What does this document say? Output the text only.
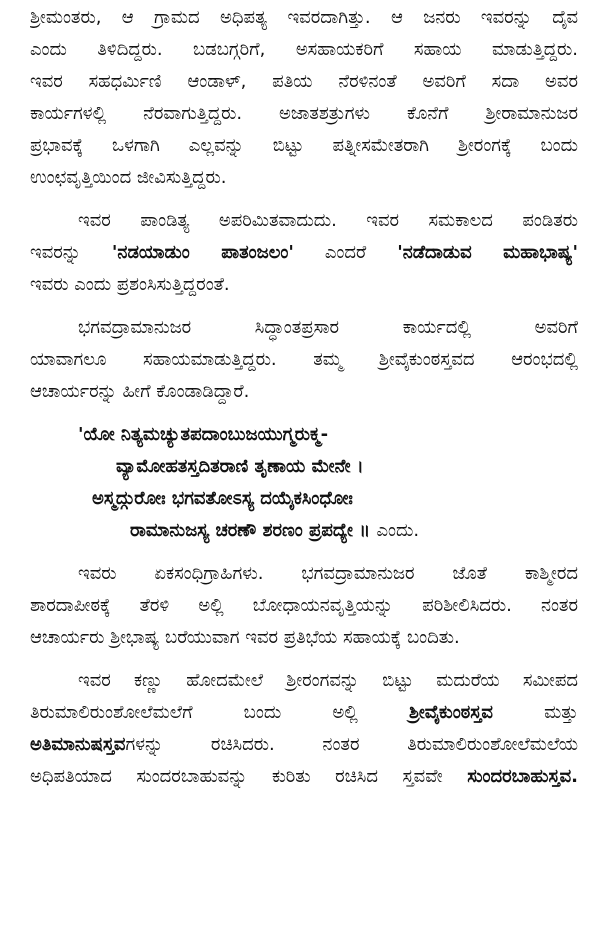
ಶ್ರೀಮಂತರು, ಆ ಗ್ರಾಮದ ಅಧಿಪತ್ಯ ಇವರದಾಗಿತ್ತು. ಆ ಜನರು ಇವರನ್ನು ದೈವ
ಎಂದು ತಿಳಿದಿದ್ದರು. ಬಡಬಗ್ಗರಿಗೆ, ಅಸಹಾಯಕರಿಗೆ ಸಹಾಯ ಮಾಡುತ್ತಿದ್ದರು.
ಇವರ ಸಹಧರ್ಮಿಣಿ ಆಂಡಾಳ್, ಪತಿಯ ನೆರಳಿನಂತೆ ಅವರಿಗೆ ಸದಾ ಅವರ
ಕಾರ್ಯಗಳಲ್ಲಿ ನೆರವಾಗುತ್ತಿದ್ದರು. ಅಜಾತಶತ್ರುಗಳು ಕೊನೆಗೆ ಶ್ರೀರಾಮಾನುಜರ
ಪ್ರಭಾವಕ್ಕೆ ಒಳಗಾಗಿ ಎಲ್ಲವನ್ನು ಬಿಟ್ಟು ಪತ್ನೀಸಮೇತರಾಗಿ ಶ್ರೀರಂಗಕ್ಕೆ ಬಂದು
ಉಂಛವೃತ್ತಿಯಿಂದ ಜೀವಿಸುತ್ತಿದ್ದರು.
ಇವರ ಪಾಂಡಿತ್ಯ ಅಪರಿಮಿತವಾದುದು. ಇವರ ಸಮಕಾಲದ ಪಂಡಿತರು
ಇವರನ್ನು 'ನಡಯಾಡುಂ ಪಾತಂಜಲಂ' ಎಂದರೆ 'ನಡೆದಾಡುವ ಮಹಾಭಾಷ್ಯ'
ಇವರು ಎಂದು ಪ್ರಶಂಸಿಸುತ್ತಿದ್ದರಂತೆ.
ಭಗವದ್ರಾಮಾನುಜರ ಸಿದ್ಧಾಂತಪ್ರಸಾರ ಕಾರ್ಯದಲ್ಲಿ ಅವರಿಗೆ
ಯಾವಾಗಲೂ ಸಹಾಯಮಾಡುತ್ತಿದ್ದರು. ತಮ್ಮ ಶ್ರೀವೈಕುಂಠಸ್ತವದ ಆರಂಭದಲ್ಲಿ
ಆಚಾರ್ಯರನ್ನು ಹೀಗೆ ಕೊಂಡಾಡಿದ್ದಾರೆ.
'ಯೋ ನಿತ್ಯಮಚ್ಯುತಪದಾಂಬುಜಯುಗ್ಮರುಕ್ಮ-
ವ್ಯಾಮೋಹತಸ್ತದಿತರಾಣಿ ತೃಣಾಯ ಮೇನೇ ।
ಅಸ್ಮದ್ಗುರೋಃ ಭಗವತೋಽಸ್ಯ ದಯೈಕಸಿಂಧೋಃ
ರಾಮಾನುಜಸ್ಯ ಚರಣೌ ಶರಣಂ ಪ್ರಪದ್ಯೇ ॥ ಎಂದು.
ಇವರು ಏಕಸಂಧಿಗ್ರಾಹಿಗಳು. ಭಗವದ್ರಾಮಾನುಜರ ಜೊತೆ ಕಾಶ್ಮೀರದ
ಶಾರದಾಪೀಠಕ್ಕೆ ತೆರಳಿ ಅಲ್ಲಿ ಬೋಧಾಯನವೃತ್ತಿಯನ್ನು ಪರಿಶೀಲಿಸಿದರು. ನಂತರ
ಆಚಾರ್ಯರು ಶ್ರೀಭಾಷ್ಯ ಬರೆಯುವಾಗ ಇವರ ಪ್ರತಿಭೆಯ ಸಹಾಯಕ್ಕೆ ಬಂದಿತು.
ಇವರ ಕಣ್ಣು ಹೋದಮೇಲೆ ಶ್ರೀರಂಗವನ್ನು ಬಿಟ್ಟು ಮದುರೆಯ ಸಮೀಪದ
ತಿರುಮಾಲಿರುಂಶೋಲೆಮಲೆಗೆ ಬಂದು ಅಲ್ಲಿ	ಶ್ರೀವೈಕುಂಠಸ್ತವ	ಮತ್ತು
ಅತಿಮಾನುಷಸ್ತವಗಳನ್ನು ರಚಿಸಿದರು. ನಂತರ ತಿರುಮಾಲಿರುಂಶೋಲೆಮಲೆಯ
ಅಧಿಪತಿಯಾದ ಸುಂದರಬಾಹುವನ್ನು ಕುರಿತು ರಚಿಸಿದ ಸ್ತವವೇ ಸುಂದರಬಾಹುಸ್ತವ.
